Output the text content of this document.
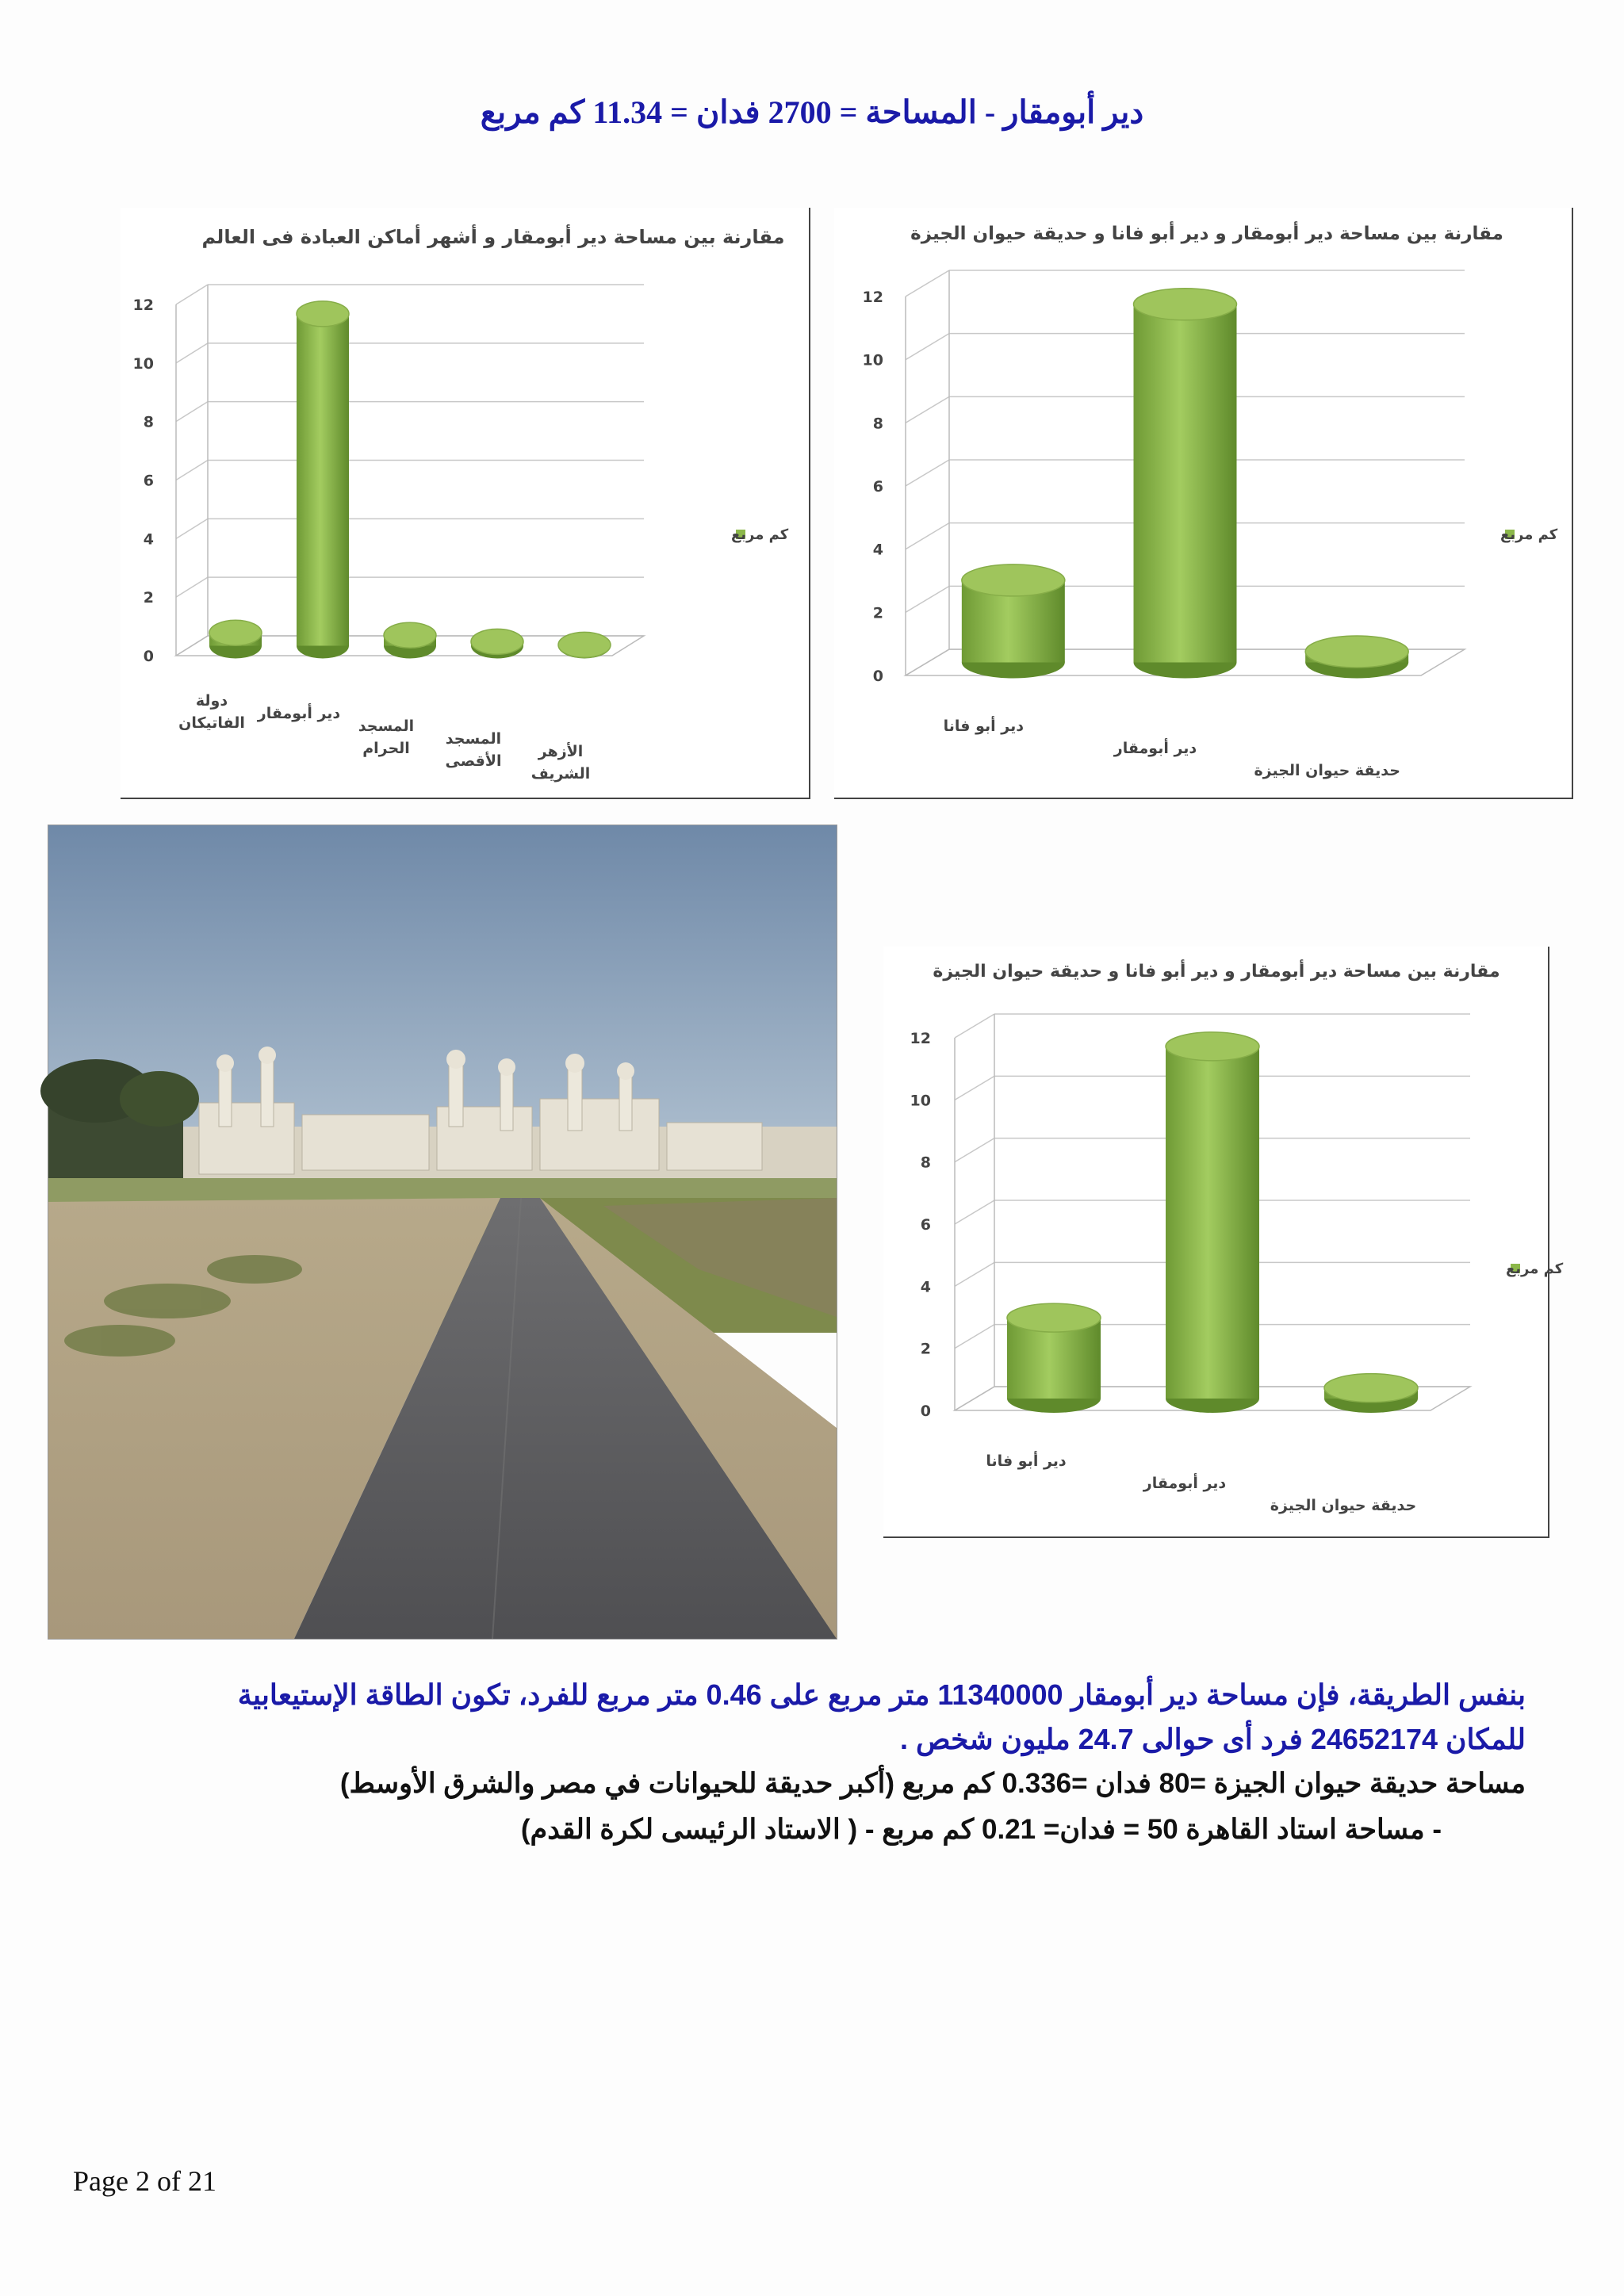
دير أبومقار - المساحة = 2700 فدان = 11.34 كم مربع
مقارنة بين مساحة دير أبومقار و أشهر أماكن العبادة فى العالم
0
2
4
6
8
10
12
دولة
الفاتيكان
دير أبومقار
المسجد
الحرام
المسجد
الأقصى
الأزهر
الشريف
كم مربع
مقارنة بين مساحة دير أبومقار و دير أبو فانا و حديقة حيوان الجيزة
0
2
4
6
8
10
12
دير أبو فانا
دير أبومقار
حديقة حيوان الجيزة
كم مربع
مقارنة بين مساحة دير أبومقار و دير أبو فانا و حديقة حيوان الجيزة
0
2
4
6
8
10
12
دير أبو فانا
دير أبومقار
حديقة حيوان الجيزة
كم مربع
بنفس الطريقة، فإن مساحة دير أبومقار 11340000 متر مربع على 0.46 متر مربع للفرد، تكون الطاقة الإستيعابية
للمكان 24652174 فرد أى حوالى 24.7 مليون شخص .
مساحة حديقة حيوان الجيزة =80 فدان =0.336 كم مربع (أكبر حديقة للحيوانات في مصر والشرق الأوسط)
- مساحة استاد القاهرة 50 = فدان= 0.21 كم مربع - ( الاستاد الرئيسى لكرة القدم)
Page 2 of 21
